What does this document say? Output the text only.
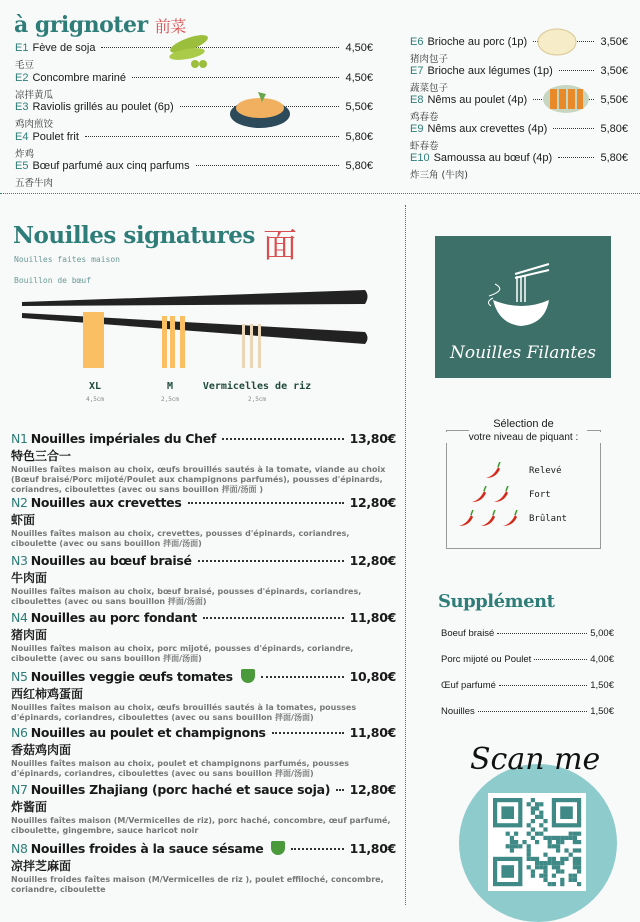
à grignoter 前菜
E1 Fève de soja	4,50€
毛豆
E2 Concombre mariné	4,50€
凉拌黄瓜
E3 Raviolis grillés au poulet (6p)	5,50€
鸡肉煎饺
E4 Poulet frit	5,80€
炸鸡
E5 Bœuf parfumé aux cinq parfums	5,80€
五香牛肉
E6 Brioche au porc (1p)	3,50€
猪肉包子
E7 Brioche aux légumes (1p)	3,50€
蔬菜包子
E8 Nêms au poulet (4p)	5,50€
鸡春卷
E9 Nêms aux crevettes (4p)	5,80€
虾春卷
E10 Samoussa au bœuf (4p)	5,80€
炸三角 (牛肉)
Nouilles signatures 面
Nouilles faites maison
Bouillon de bœuf
XL
4,5cm
M
2,5cm
Vermicelles de riz
2,5cm
N1 Nouilles impériales du Chef	13,80€
特色三合一
Nouilles faîtes maison au choix, œufs brouillés sautés à la tomate, viande au choix (Bœuf braisé/Porc mijoté/Poulet aux champignons parfumés), pousses d'épinards, coriandres, ciboulettes (avec ou sans bouillon 拌面/汤面 )
N2 Nouilles aux crevettes	12,80€
虾面
Nouilles faîtes maison au choix, crevettes, pousses d'épinards, coriandres, ciboulette (avec ou sans bouillon 拌面/汤面)
N3 Nouilles au bœuf braisé	12,80€
牛肉面
Nouilles faîtes maison au choix, bœuf braisé, pousses d'épinards, coriandres, ciboulettes (avec ou sans bouillon 拌面/汤面)
N4 Nouilles au porc fondant	11,80€
猪肉面
Nouilles faîtes maison au choix, porc mijoté, pousses d'épinards, coriandre, ciboulette (avec ou sans bouillon 拌面/汤面)
N5 Nouilles veggie œufs tomates	10,80€
西红柿鸡蛋面
Nouilles faîtes maison au choix, œufs brouillés sautés à la tomates, pousses d'épinards, coriandres, ciboulettes (avec ou sans bouillon 拌面/汤面)
N6 Nouilles au poulet et champignons	11,80€
香菇鸡肉面
Nouilles faîtes maison au choix, poulet et champignons parfumés, pousses d'épinards, coriandres, ciboulettes (avec ou sans bouillon 拌面/汤面)
N7 Nouilles Zhajiang (porc haché et sauce soja) 12,80€
炸酱面
Nouilles faîtes maison (M/Vermicelles de riz), porc haché, concombre, œuf parfumé, ciboulette, gingembre, sauce haricot noir
N8 Nouilles froides à la sauce sésame	11,80€
凉拌芝麻面
Nouilles froides faîtes maison (M/Vermicelles de riz ), poulet effiloché, concombre, coriandre, ciboulette
Nouilles Filantes
Sélection de
votre niveau de piquant :
Relevé
Fort
Brûlant
Supplément
Boeuf braisé	5,00€
Porc mijoté ou Poulet	4,00€
Œuf parfumé	1,50€
Nouilles	1,50€
Scan me
